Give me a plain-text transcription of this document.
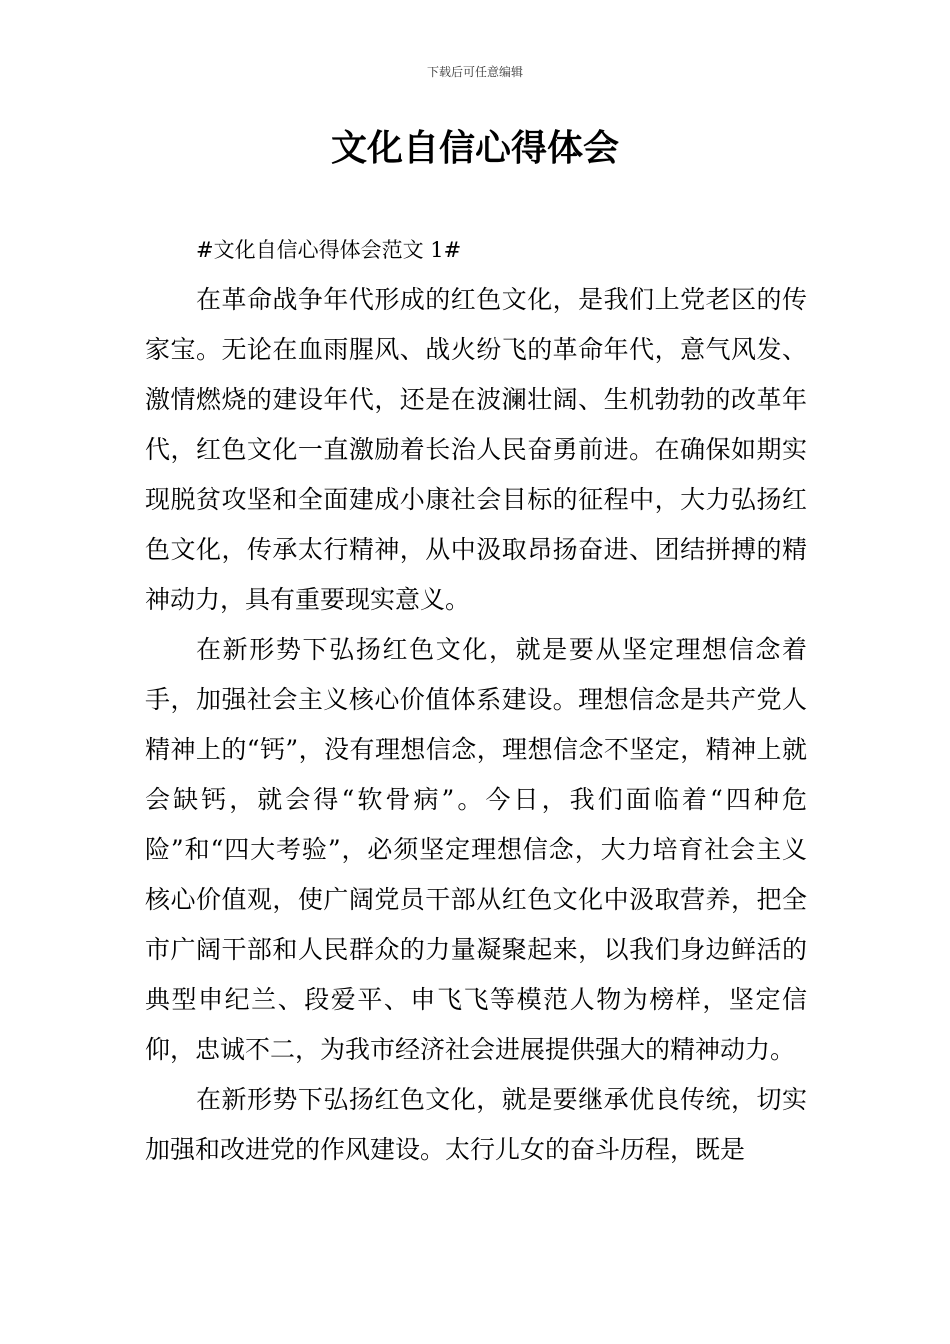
下载后可任意编辑
文化自信心得体会

#文化自信心得体会范文 1#

在革命战争年代形成的红色文化，是我们上党老区的传家宝。无论在血雨腥风、战火纷飞的革命年代，意气风发、激情燃烧的建设年代，还是在波澜壮阔、生机勃勃的改革年代，红色文化一直激励着长治人民奋勇前进。在确保如期实现脱贫攻坚和全面建成小康社会目标的征程中，大力弘扬红色文化，传承太行精神，从中汲取昂扬奋进、团结拼搏的精神动力，具有重要现实意义。

在新形势下弘扬红色文化，就是要从坚定理想信念着手，加强社会主义核心价值体系建设。理想信念是共产党人精神上的“钙”，没有理想信念，理想信念不坚定，精神上就会缺钙，就会得“软骨病”。今日，我们面临着“四种危险”和“四大考验”，必须坚定理想信念，大力培育社会主义核心价值观，使广阔党员干部从红色文化中汲取营养，把全市广阔干部和人民群众的力量凝聚起来，以我们身边鲜活的典型申纪兰、段爱平、申飞飞等模范人物为榜样，坚定信仰，忠诚不二，为我市经济社会进展提供强大的精神动力。

在新形势下弘扬红色文化，就是要继承优良传统，切实加强和改进党的作风建设。太行儿女的奋斗历程，既是
